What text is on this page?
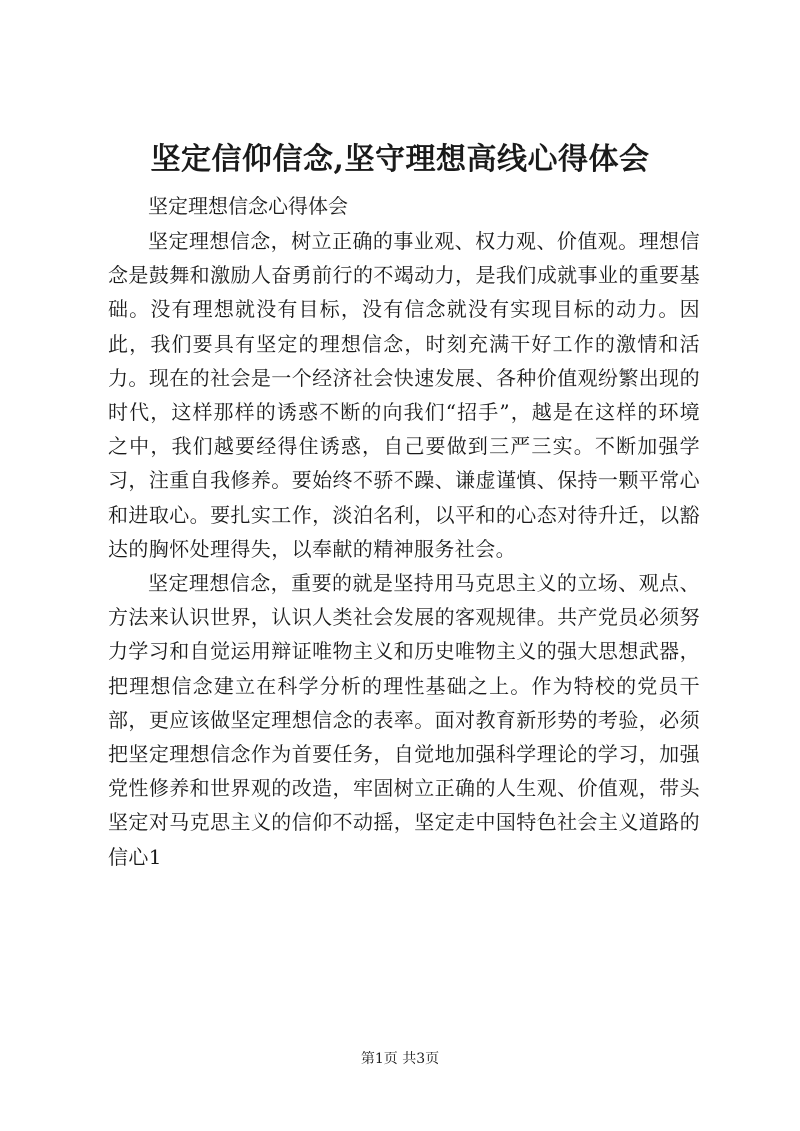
坚定信仰信念,坚守理想高线心得体会

坚定理想信念心得体会

坚定理想信念，树立正确的事业观、权力观、价值观。理想信念是鼓舞和激励人奋勇前行的不竭动力，是我们成就事业的重要基础。没有理想就没有目标，没有信念就没有实现目标的动力。因此，我们要具有坚定的理想信念，时刻充满干好工作的激情和活力。现在的社会是一个经济社会快速发展、各种价值观纷繁出现的时代，这样那样的诱惑不断的向我们“招手”，越是在这样的环境之中，我们越要经得住诱惑，自己要做到三严三实。不断加强学习，注重自我修养。要始终不骄不躁、谦虚谨慎、保持一颗平常心和进取心。要扎实工作，淡泊名利，以平和的心态对待升迁，以豁达的胸怀处理得失，以奉献的精神服务社会。

坚定理想信念，重要的就是坚持用马克思主义的立场、观点、方法来认识世界，认识人类社会发展的客观规律。共产党员必须努力学习和自觉运用辩证唯物主义和历史唯物主义的强大思想武器，把理想信念建立在科学分析的理性基础之上。作为特校的党员干部，更应该做坚定理想信念的表率。面对教育新形势的考验，必须把坚定理想信念作为首要任务，自觉地加强科学理论的学习，加强党性修养和世界观的改造，牢固树立正确的人生观、价值观，带头坚定对马克思主义的信仰不动摇，坚定走中国特色社会主义道路的信心1

第1页 共3页
